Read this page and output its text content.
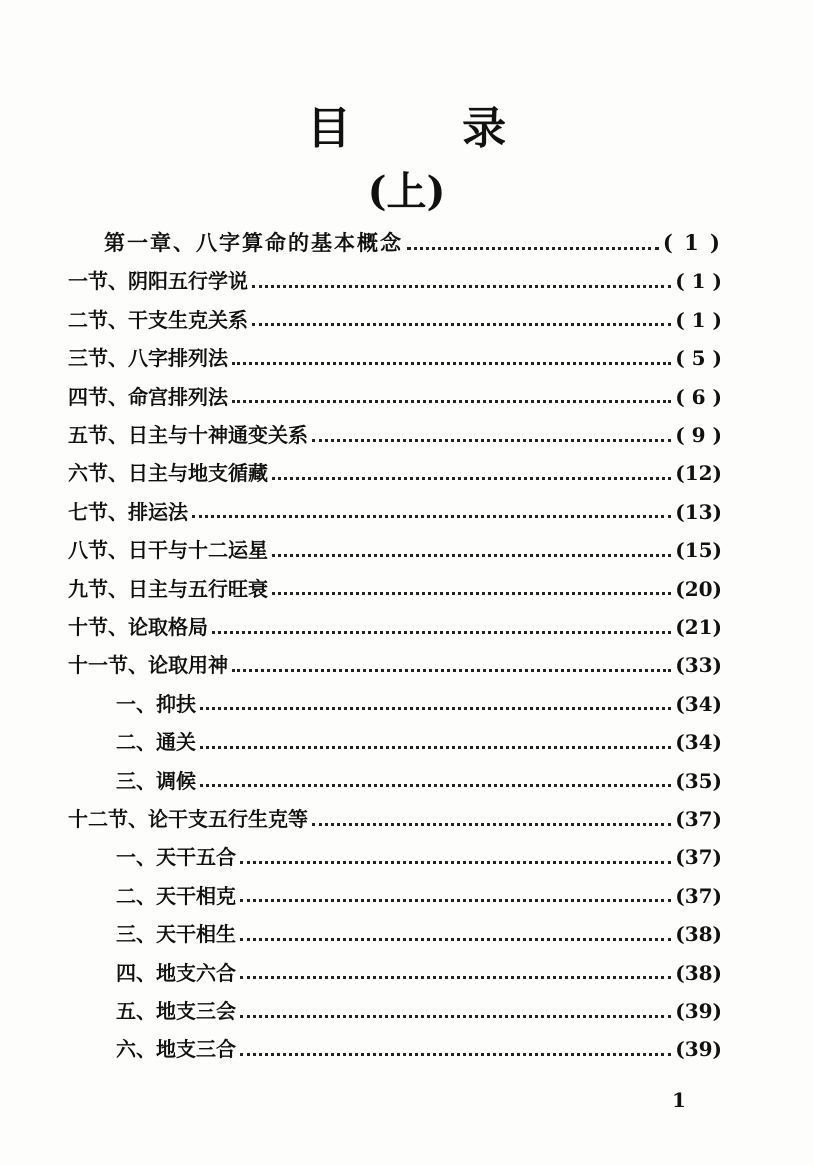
目 录
(上)
第一章、八字算命的基本概念	( 1 )
一节、阴阳五行学说	( 1 )
二节、干支生克关系	( 1 )
三节、八字排列法	( 5 )
四节、命宫排列法	( 6 )
五节、日主与十神通变关系	( 9 )
六节、日主与地支循藏	(12)
七节、排运法	(13)
八节、日干与十二运星	(15)
九节、日主与五行旺衰	(20)
十节、论取格局	(21)
十一节、论取用神	(33)
一、抑扶	(34)
二、通关	(34)
三、调候	(35)
十二节、论干支五行生克等	(37)
一、天干五合	(37)
二、天干相克	(37)
三、天干相生	(38)
四、地支六合	(38)
五、地支三会	(39)
六、地支三合	(39)
1
